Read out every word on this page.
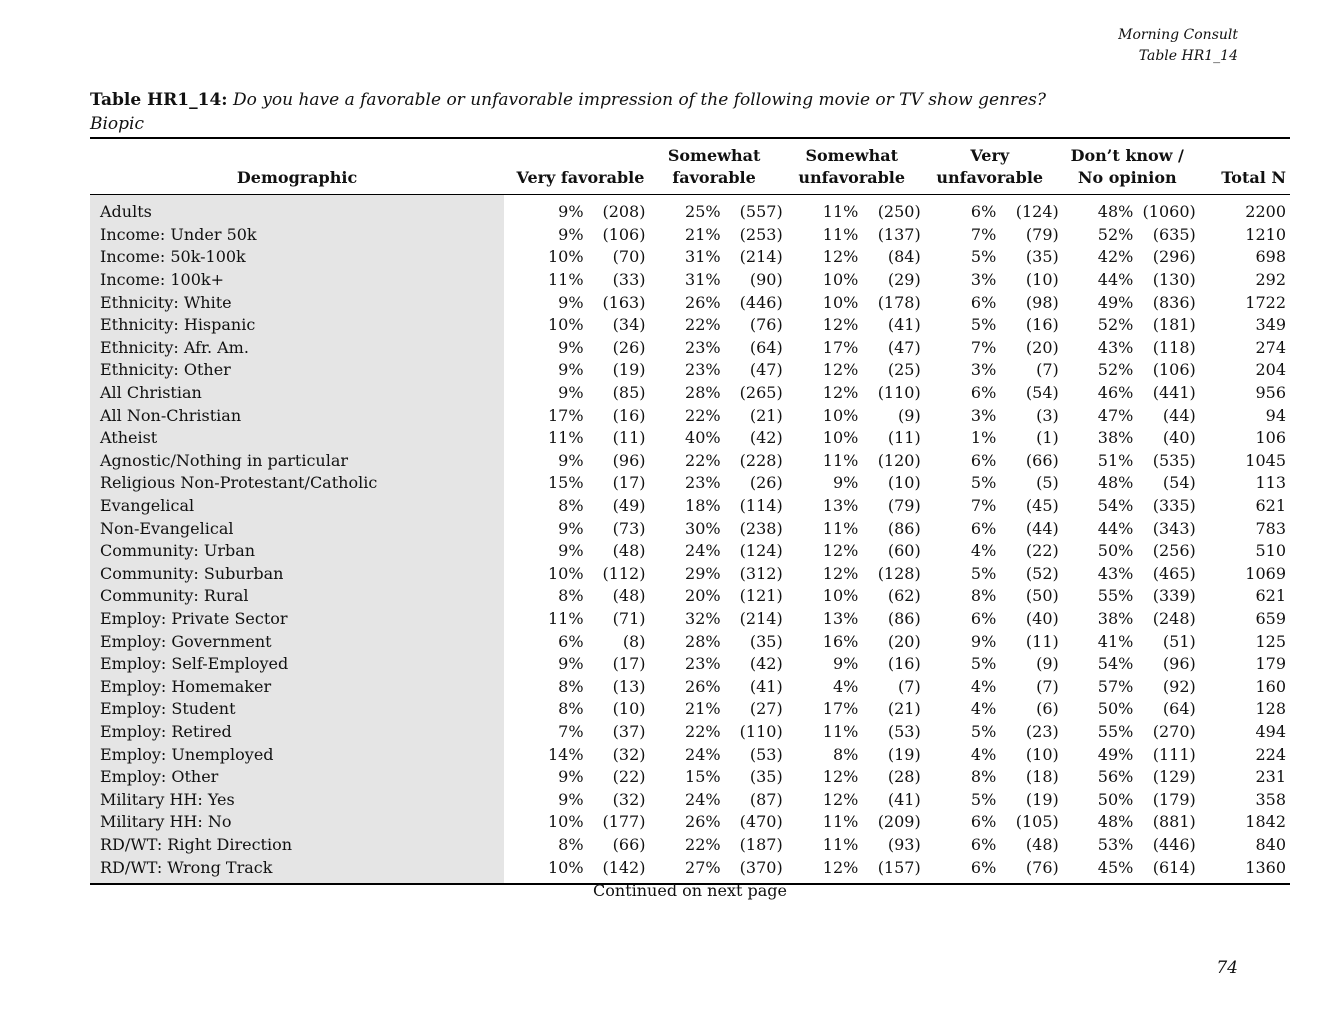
Morning Consult
Table HR1_14
Table HR1_14: Do you have a favorable or unfavorable impression of the following movie or TV show genres?
Biopic
Demographic		Very favorable		Somewhat
favorable		Somewhat
unfavorable		Very
unfavorable		Don’t know /
No opinion		Total N
Adults		9%	(208)	25%	(557)	11%	(250)	6%	(124)	48%	(1060)	2200
Income: Under 50k		9%	(106)	21%	(253)	11%	(137)	7%	(79)	52%	(635)	1210
Income: 50k-100k		10%	(70)	31%	(214)	12%	(84)	5%	(35)	42%	(296)	698
Income: 100k+		11%	(33)	31%	(90)	10%	(29)	3%	(10)	44%	(130)	292
Ethnicity: White		9%	(163)	26%	(446)	10%	(178)	6%	(98)	49%	(836)	1722
Ethnicity: Hispanic		10%	(34)	22%	(76)	12%	(41)	5%	(16)	52%	(181)	349
Ethnicity: Afr. Am.		9%	(26)	23%	(64)	17%	(47)	7%	(20)	43%	(118)	274
Ethnicity: Other		9%	(19)	23%	(47)	12%	(25)	3%	(7)	52%	(106)	204
All Christian		9%	(85)	28%	(265)	12%	(110)	6%	(54)	46%	(441)	956
All Non-Christian		17%	(16)	22%	(21)	10%	(9)	3%	(3)	47%	(44)	94
Atheist		11%	(11)	40%	(42)	10%	(11)	1%	(1)	38%	(40)	106
Agnostic/Nothing in particular		9%	(96)	22%	(228)	11%	(120)	6%	(66)	51%	(535)	1045
Religious Non-Protestant/Catholic		15%	(17)	23%	(26)	9%	(10)	5%	(5)	48%	(54)	113
Evangelical		8%	(49)	18%	(114)	13%	(79)	7%	(45)	54%	(335)	621
Non-Evangelical		9%	(73)	30%	(238)	11%	(86)	6%	(44)	44%	(343)	783
Community: Urban		9%	(48)	24%	(124)	12%	(60)	4%	(22)	50%	(256)	510
Community: Suburban		10%	(112)	29%	(312)	12%	(128)	5%	(52)	43%	(465)	1069
Community: Rural		8%	(48)	20%	(121)	10%	(62)	8%	(50)	55%	(339)	621
Employ: Private Sector		11%	(71)	32%	(214)	13%	(86)	6%	(40)	38%	(248)	659
Employ: Government		6%	(8)	28%	(35)	16%	(20)	9%	(11)	41%	(51)	125
Employ: Self-Employed		9%	(17)	23%	(42)	9%	(16)	5%	(9)	54%	(96)	179
Employ: Homemaker		8%	(13)	26%	(41)	4%	(7)	4%	(7)	57%	(92)	160
Employ: Student		8%	(10)	21%	(27)	17%	(21)	4%	(6)	50%	(64)	128
Employ: Retired		7%	(37)	22%	(110)	11%	(53)	5%	(23)	55%	(270)	494
Employ: Unemployed		14%	(32)	24%	(53)	8%	(19)	4%	(10)	49%	(111)	224
Employ: Other		9%	(22)	15%	(35)	12%	(28)	8%	(18)	56%	(129)	231
Military HH: Yes		9%	(32)	24%	(87)	12%	(41)	5%	(19)	50%	(179)	358
Military HH: No		10%	(177)	26%	(470)	11%	(209)	6%	(105)	48%	(881)	1842
RD/WT: Right Direction		8%	(66)	22%	(187)	11%	(93)	6%	(48)	53%	(446)	840
RD/WT: Wrong Track		10%	(142)	27%	(370)	12%	(157)	6%	(76)	45%	(614)	1360
Continued on next page
74
